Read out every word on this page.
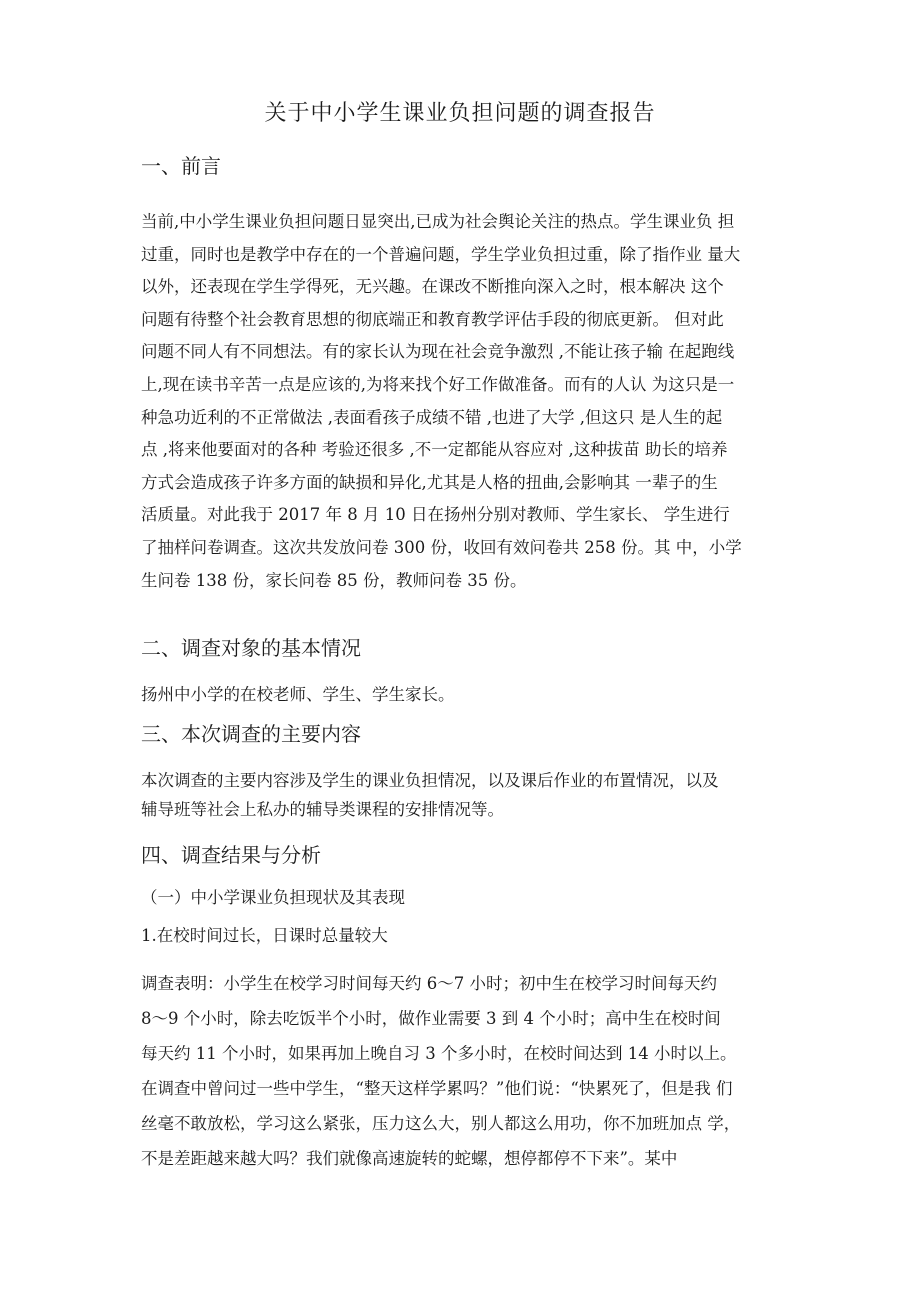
关于中小学生课业负担问题的调查报告
一、前言
当前,中小学生课业负担问题日显突出,已成为社会舆论关注的热点。学生课业负 担
过重，同时也是教学中存在的一个普遍问题，学生学业负担过重，除了指作业 量大
以外，还表现在学生学得死，无兴趣。在课改不断推向深入之时，根本解决 这个
问题有待整个社会教育思想的彻底端正和教育教学评估手段的彻底更新。 但对此
问题不同人有不同想法。有的家长认为现在社会竞争激烈 ,不能让孩子输 在起跑线
上,现在读书辛苦一点是应该的,为将来找个好工作做准备。而有的人认 为这只是一
种急功近利的不正常做法 ,表面看孩子成绩不错 ,也进了大学 ,但这只 是人生的起
点 ,将来他要面对的各种 考验还很多 ,不一定都能从容应对 ,这种拔苗 助长的培养
方式会造成孩子许多方面的缺损和异化,尤其是人格的扭曲,会影响其 一辈子的生
活质量。对此我于 2017 年 8 月 10 日在扬州分别对教师、学生家长、 学生进行
了抽样问卷调查。这次共发放问卷 300 份，收回有效问卷共 258 份。其 中，小学
生问卷 138 份，家长问卷 85 份，教师问卷 35 份。
二、调查对象的基本情况
扬州中小学的在校老师、学生、学生家长。
三、本次调查的主要内容
本次调查的主要内容涉及学生的课业负担情况，以及课后作业的布置情况，以及
辅导班等社会上私办的辅导类课程的安排情况等。
四、调查结果与分析
（一）中小学课业负担现状及其表现
1.在校时间过长，日课时总量较大
调查表明：小学生在校学习时间每天约 6～7 小时；初中生在校学习时间每天约
8～9 个小时，除去吃饭半个小时，做作业需要 3 到 4 个小时；高中生在校时间
每天约 11 个小时，如果再加上晚自习 3 个多小时，在校时间达到 14 小时以上。
在调查中曾问过一些中学生，“整天这样学累吗？”他们说：“快累死了，但是我 们
丝毫不敢放松，学习这么紧张，压力这么大，别人都这么用功，你不加班加点 学，
不是差距越来越大吗？我们就像高速旋转的蛇螺，想停都停不下来”。某中
